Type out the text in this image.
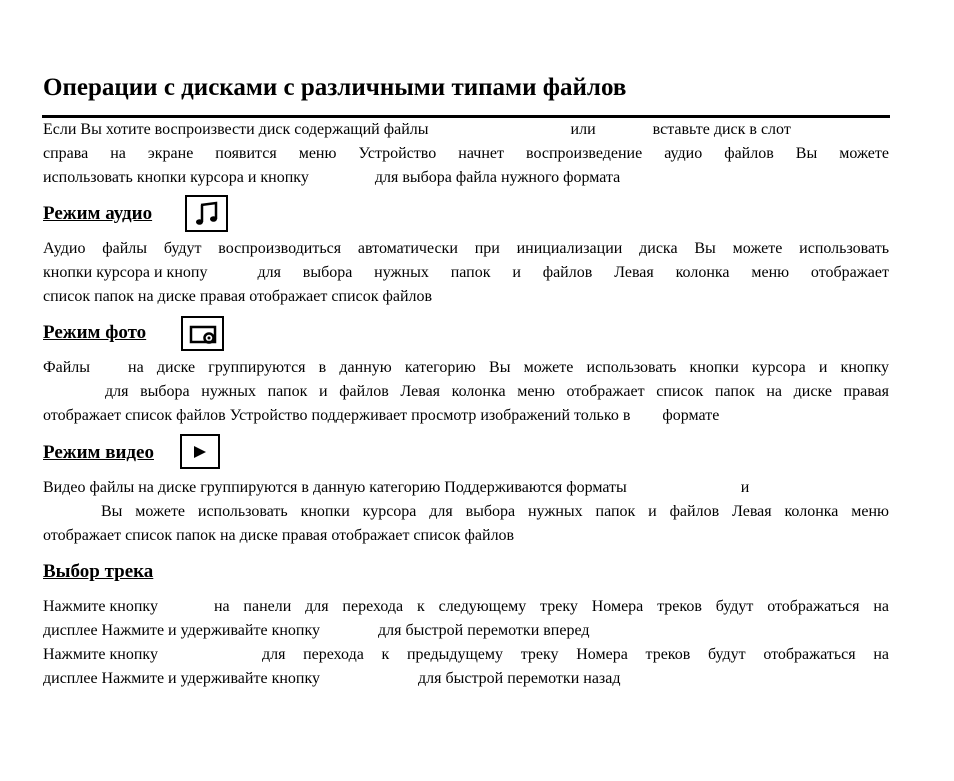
Операции с дисками с различными типами файлов
Если Вы хотите воспроизвести диск содержащий файлы	или	вставьте диск в слот
справа на экране появится меню Устройство начнет воспроизведение аудио файлов Вы можете
использовать кнопки курсора и кнопку	для выбора файла нужного формата
Режим аудио
Аудио файлы будут воспроизводиться автоматически при инициализации диска Вы можете использовать
кнопки курсора и кнопу	для выбора нужных папок и файлов Левая колонка меню отображает
список папок на диске правая отображает список файлов
Режим фото
Файлы на диске группируются в данную категорию Вы можете использовать кнопки курсора и кнопку
для выбора нужных папок и файлов Левая колонка меню отображает список папок на диске правая
отображает список файлов Устройство поддерживает просмотр изображений только в формате
Режим видео
Видео файлы на диске группируются в данную категорию Поддерживаются форматы	и
Вы можете использовать кнопки курсора для выбора нужных папок и файлов Левая колонка меню
отображает список папок на диске правая отображает список файлов
Выбор трека
Нажмите кнопку	на панели для перехода к следующему треку Номера треков будут отображаться на
дисплее Нажмите и удерживайте кнопку	для быстрой перемотки вперед
Нажмите кнопку	для перехода к предыдущему треку Номера треков будут отображаться на
дисплее Нажмите и удерживайте кнопку	для быстрой перемотки назад
